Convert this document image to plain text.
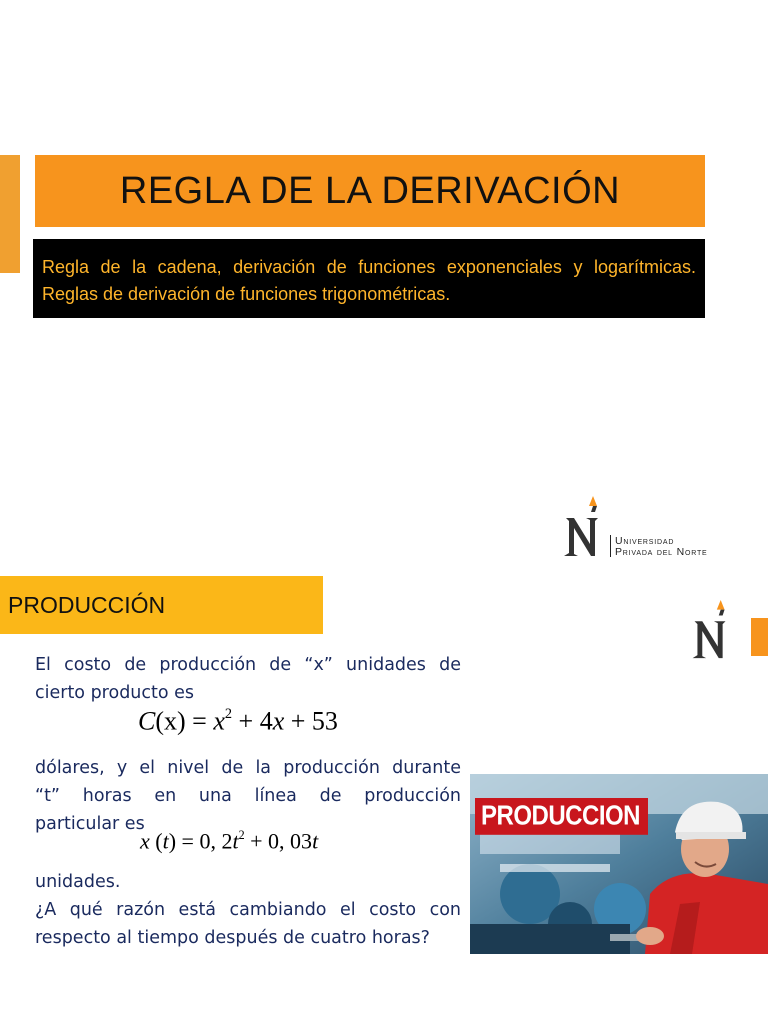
REGLA DE LA DERIVACIÓN
Regla de la cadena, derivación de funciones exponenciales y logarítmicas. Reglas de derivación de funciones trigonométricas.
Universidad
Privada del Norte
PRODUCCIÓN
El costo de producción de “x” unidades de cierto producto es
$C(x) = x^2 + 4x + 53$
dólares, y el nivel de la producción durante
“t” horas en una línea de producción
particular es
x (t) = 0, $2t^2 + 0$, 03t
unidades.
¿A qué razón está cambiando el costo con respecto al tiempo después de cuatro horas?
PRODUCCION
